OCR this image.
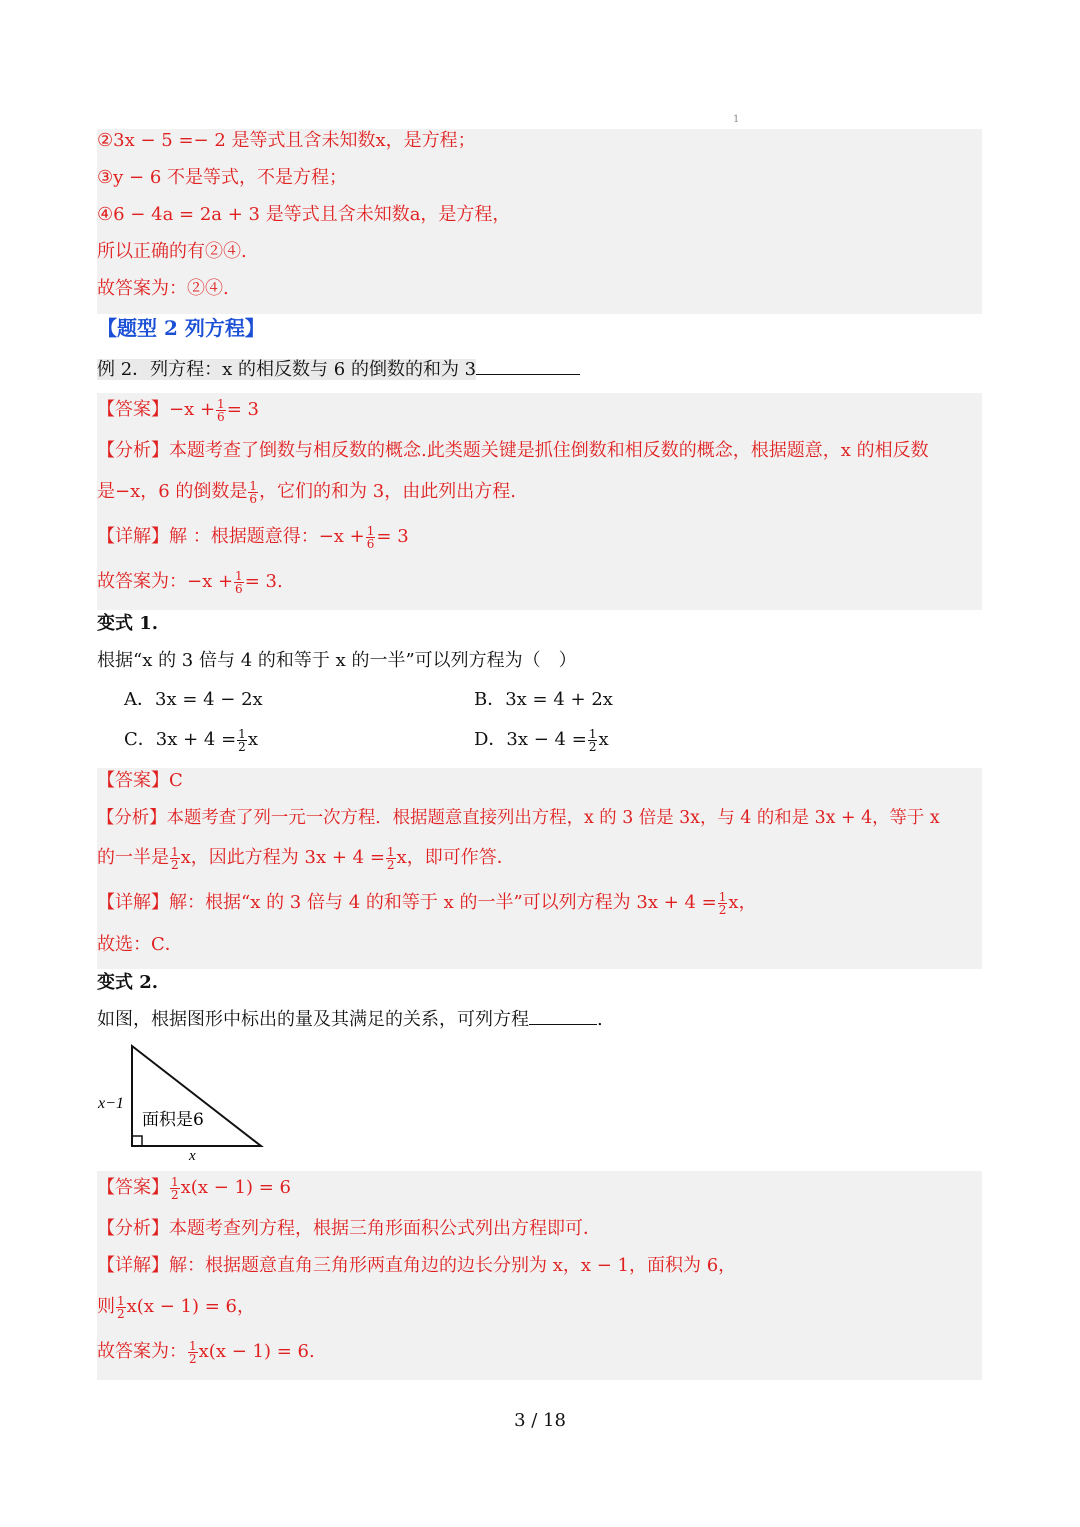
1
②3x − 5 =− 2 是等式且含未知数x，是方程；
③y − 6 不是等式，不是方程；
④6 − 4a = 2a + 3 是等式且含未知数a，是方程，
所以正确的有②④.
故答案为：②④.
【题型 2 列方程】
例 2．列方程：x 的相反数与 6 的倒数的和为 3
【答案】$-x + \frac{1}{6} = 3$
【分析】本题考查了倒数与相反数的概念.此类题关键是抓住倒数和相反数的概念，根据题意，x 的相反数
是−x，6 的倒数是 $\frac{1}{6}$ ，它们的和为 3，由此列出方程.
【详解】解 ：根据题意得：$-x + \frac{1}{6} = 3$
故答案为：$-x + \frac{1}{6} = 3$.
变式 1.
根据“x 的 3 倍与 4 的和等于 x 的一半”可以列方程为（　）
A．3x = 4 − 2x	B．3x = 4 + 2x
C．$3x + 4 = \frac{1}{2}$ x	D．$3x - 4 = \frac{1}{2}$ x
【答案】C
【分析】本题考查了列一元一次方程．根据题意直接列出方程，x 的 3 倍是 3x，与 4 的和是 3x + 4，等于 x
的一半是 $\frac{1}{2}$ x，因此方程为 $3x + 4 = \frac{1}{2}$ x，即可作答．
【详解】解：根据“x 的 3 倍与 4 的和等于 x 的一半”可以列方程为 $3x + 4 = \frac{1}{2}$ x，
故选：C．
变式 2.
如图，根据图形中标出的量及其满足的关系，可列方程	.
x−1
面积是6
x
【答案】 $\frac{1}{2} x(x - 1) = 6$
【分析】本题考查列方程，根据三角形面积公式列出方程即可．
【详解】解：根据题意直角三角形两直角边的边长分别为 x，x − 1，面积为 6，
则 $\frac{1}{2} x(x - 1) = 6$，
故答案为： $\frac{1}{2} x(x - 1) = 6$.
3 / 18
